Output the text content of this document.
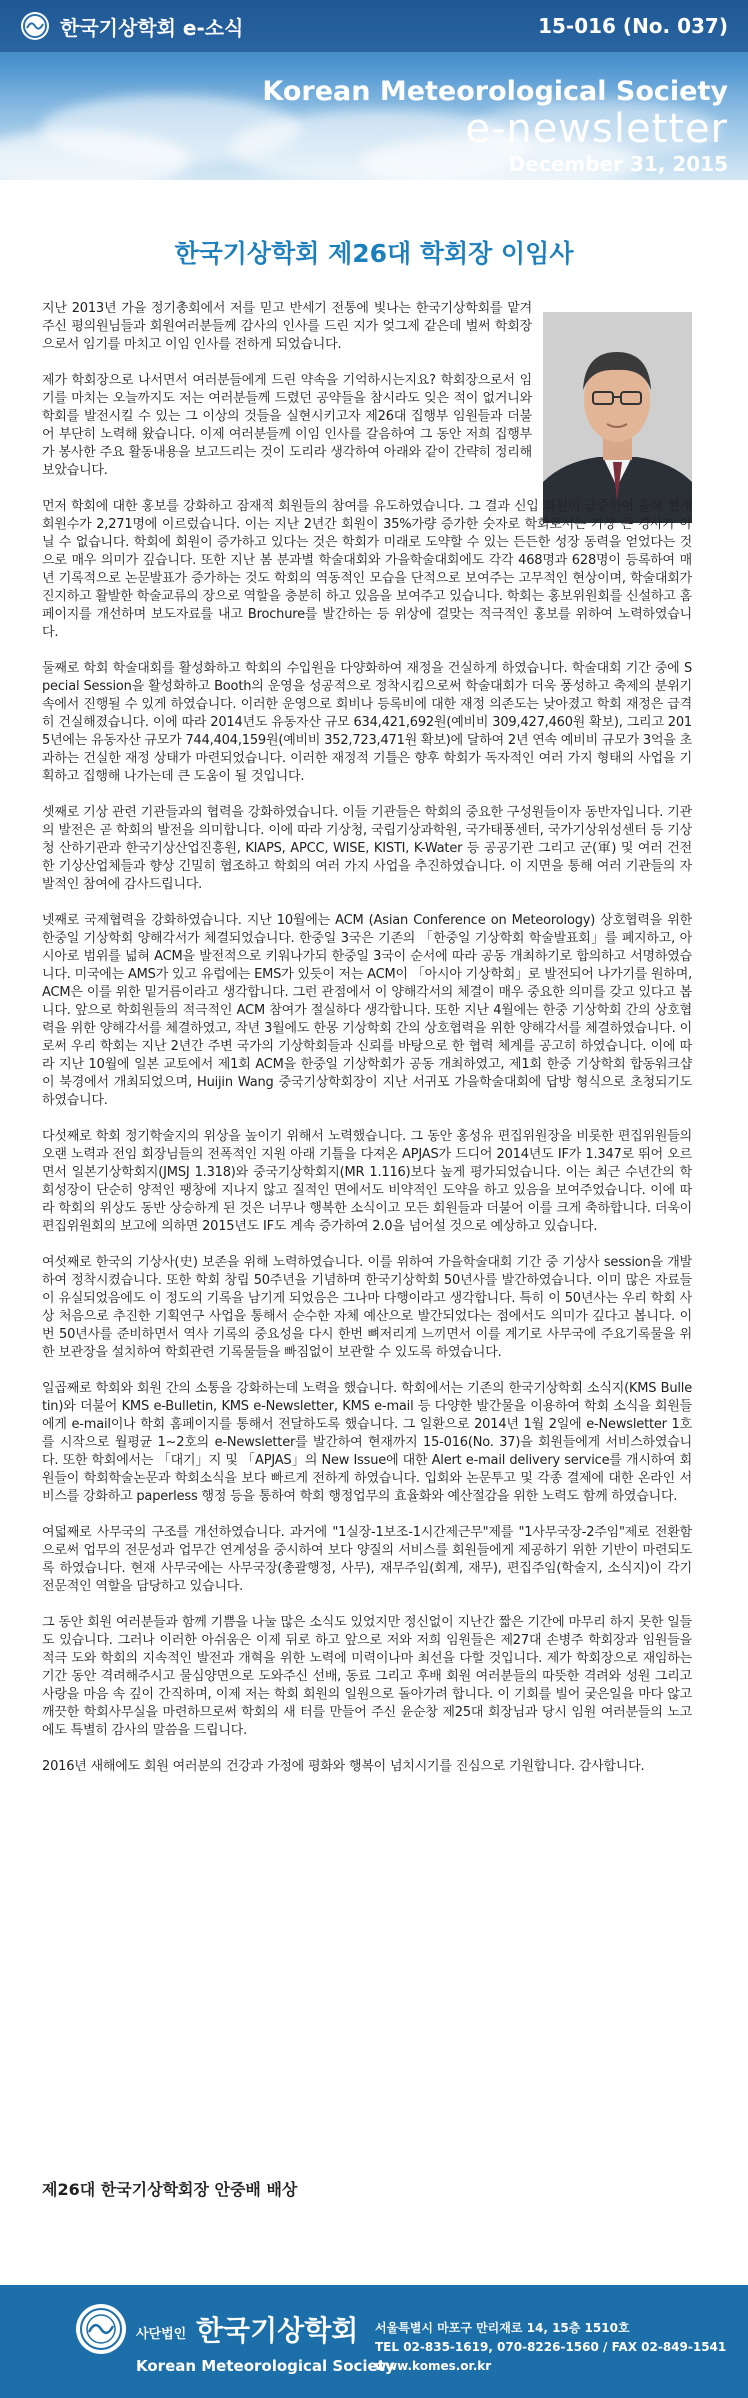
한국기상학회 e-소식	15-016 (No. 037)
Korean Meteorological Society
e-newsletter
December 31, 2015
한국기상학회 제26대 학회장 이임사

지난 2013년 가을 정기총회에서 저를 믿고 반세기 전통에 빛나는 한국기상학회를 맡겨주신 평의원님들과 회원여러분들께 감사의 인사를 드린 지가 엊그제 같은데 벌써 학회장으로서 임기를 마치고 이임 인사를 전하게 되었습니다.

제가 학회장으로 나서면서 여러분들에게 드린 약속을 기억하시는지요? 학회장으로서 임기를 마치는 오늘까지도 저는 여러분들께 드렸던 공약들을 참시라도 잊은 적이 없거니와 학회를 발전시킬 수 있는 그 이상의 것들을 실현시키고자 제26대 집행부 임원들과 더불어 부단히 노력해 왔습니다. 이제 여러분들께 이임 인사를 갈음하여 그 동안 저희 집행부가 봉사한 주요 활동내용을 보고드리는 것이 도리라 생각하여 아래와 같이 간략히 정리해 보았습니다.

먼저 학회에 대한 홍보를 강화하고 잠재적 회원들의 참여를 유도하였습니다. 그 결과 신입 회원이 급증하여 올해 현재 회원수가 2,271명에 이르렀습니다. 이는 지난 2년간 회원이 35%가량 증가한 숫자로 학회로서는 가장 큰 경사가 아닐 수 없습니다. 학회에 회원이 증가하고 있다는 것은 학회가 미래로 도약할 수 있는 든든한 성장 동력을 얻었다는 것으로 매우 의미가 깊습니다. 또한 지난 봄 분과별 학술대회와 가을학술대회에도 각각 468명과 628명이 등록하여 매년 기록적으로 논문발표가 증가하는 것도 학회의 역동적인 모습을 단적으로 보여주는 고무적인 현상이며, 학술대회가 진지하고 활발한 학술교류의 장으로 역할을 충분히 하고 있음을 보여주고 있습니다. 학회는 홍보위원회를 신설하고 홈페이지를 개선하며 보도자료를 내고 Brochure를 발간하는 등 위상에 걸맞는 적극적인 홍보를 위하여 노력하였습니다.

둘째로 학회 학술대회를 활성화하고 학회의 수입원을 다양화하여 재정을 건실하게 하였습니다. 학술대회 기간 중에 Special Session을 활성화하고 Booth의 운영을 성공적으로 정착시킴으로써 학술대회가 더욱 풍성하고 축제의 분위기 속에서 진행될 수 있게 하였습니다. 이러한 운영으로 회비나 등록비에 대한 재정 의존도는 낮아졌고 학회 재정은 급격히 건실해졌습니다. 이에 따라 2014년도 유동자산 규모 634,421,692원(예비비 309,427,460원 확보), 그리고 2015년에는 유동자산 규모가 744,404,159원(예비비 352,723,471원 확보)에 달하여 2년 연속 예비비 규모가 3억을 초과하는 건실한 재정 상태가 마련되었습니다. 이러한 재정적 기틀은 향후 학회가 독자적인 여러 가지 형태의 사업을 기획하고 집행해 나가는데 큰 도움이 될 것입니다.

셋째로 기상 관련 기관들과의 협력을 강화하였습니다. 이들 기관들은 학회의 중요한 구성원들이자 동반자입니다. 기관의 발전은 곧 학회의 발전을 의미합니다. 이에 따라 기상청, 국립기상과학원, 국가태풍센터, 국가기상위성센터 등 기상청 산하기관과 한국기상산업진흥원, KIAPS, APCC, WISE, KISTI, K-Water 등 공공기관 그리고 군(軍) 및 여러 건전한 기상산업체들과 향상 긴밀히 협조하고 학회의 여러 가지 사업을 추진하였습니다. 이 지면을 통해 여러 기관들의 자발적인 참여에 감사드립니다.

넷째로 국제협력을 강화하였습니다. 지난 10월에는 ACM (Asian Conference on Meteorology) 상호협력을 위한 한중일 기상학회 양해각서가 체결되었습니다. 한중일 3국은 기존의 「한중일 기상학회 학술발표회」를 폐지하고, 아시아로 범위를 넓혀 ACM을 발전적으로 키워나가되 한중일 3국이 순서에 따라 공동 개최하기로 합의하고 서명하였습니다. 미국에는 AMS가 있고 유럽에는 EMS가 있듯이 저는 ACM이 「아시아 기상학회」로 발전되어 나가기를 원하며, ACM은 이를 위한 밑거름이라고 생각합니다. 그런 관점에서 이 양해각서의 체결이 매우 중요한 의미를 갖고 있다고 봅니다. 앞으로 학회원들의 적극적인 ACM 참여가 절실하다 생각합니다. 또한 지난 4월에는 한중 기상학회 간의 상호협력을 위한 양해각서를 체결하였고, 작년 3월에도 한몽 기상학회 간의 상호협력을 위한 양해각서를 체결하였습니다. 이로써 우리 학회는 지난 2년간 주변 국가의 기상학회들과 신뢰를 바탕으로 한 협력 체계를 공고히 하였습니다. 이에 따라 지난 10월에 일본 교토에서 제1회 ACM을 한중일 기상학회가 공동 개최하였고, 제1회 한중 기상학회 합동워크샵이 북경에서 개최되었으며, Huijin Wang 중국기상학회장이 지난 서귀포 가을학술대회에 답방 형식으로 초청되기도 하였습니다.

다섯째로 학회 정기학술지의 위상을 높이기 위해서 노력했습니다. 그 동안 홍성유 편집위원장을 비롯한 편집위원들의 오랜 노력과 전임 회장님들의 전폭적인 지원 아래 기틀을 다져온 APJAS가 드디어 2014년도 IF가 1.347로 뛰어 오르면서 일본기상학회지(JMSJ 1.318)와 중국기상학회지(MR 1.116)보다 높게 평가되었습니다. 이는 최근 수년간의 학회성장이 단순히 양적인 팽창에 지나지 않고 질적인 면에서도 비약적인 도약을 하고 있음을 보여주었습니다. 이에 따라 학회의 위상도 동반 상승하게 된 것은 너무나 행복한 소식이고 모든 회원들과 더불어 이를 크게 축하합니다. 더욱이 편집위원회의 보고에 의하면 2015년도 IF도 계속 증가하여 2.0을 넘어설 것으로 예상하고 있습니다.

여섯째로 한국의 기상사(史) 보존을 위해 노력하였습니다. 이를 위하여 가을학술대회 기간 중 기상사 session을 개발하여 정착시켰습니다. 또한 학회 창립 50주년을 기념하며 한국기상학회 50년사를 발간하였습니다. 이미 많은 자료들이 유실되었음에도 이 정도의 기록을 남기게 되었음은 그나마 다행이라고 생각합니다. 특히 이 50년사는 우리 학회 사상 처음으로 추진한 기획연구 사업을 통해서 순수한 자체 예산으로 발간되었다는 점에서도 의미가 깊다고 봅니다. 이번 50년사를 준비하면서 역사 기록의 중요성을 다시 한번 뼈저리게 느끼면서 이를 계기로 사무국에 주요기록물을 위한 보관장을 설치하여 학회관련 기록물들을 빠짐없이 보관할 수 있도록 하였습니다.

일곱째로 학회와 회원 간의 소통을 강화하는데 노력을 했습니다. 학회에서는 기존의 한국기상학회 소식지(KMS Bulletin)와 더불어 KMS e-Bulletin, KMS e-Newsletter, KMS e-mail 등 다양한 발간물을 이용하여 학회 소식을 회원들에게 e-mail이나 학회 홈페이지를 통해서 전달하도록 했습니다. 그 일환으로 2014년 1월 2일에 e-Newsletter 1호를 시작으로 월평균 1~2호의 e-Newsletter를 발간하여 현재까지 15-016(No. 37)을 회원들에게 서비스하였습니다. 또한 학회에서는 「대기」지 및 「APJAS」의 New Issue에 대한 Alert e-mail delivery service를 개시하여 회원들이 학회학술논문과 학회소식을 보다 빠르게 전하게 하였습니다. 입회와 논문투고 및 각종 결제에 대한 온라인 서비스를 강화하고 paperless 행정 등을 통하여 학회 행정업무의 효율화와 예산절감을 위한 노력도 함께 하였습니다.

여덟째로 사무국의 구조를 개선하였습니다. 과거에 "1실장-1보조-1시간제근무"제를 "1사무국장-2주임"제로 전환함으로써 업무의 전문성과 업무간 연계성을 중시하여 보다 양질의 서비스를 회원들에게 제공하기 위한 기반이 마련되도록 하였습니다. 현재 사무국에는 사무국장(총괄행정, 사무), 재무주임(회계, 재무), 편집주임(학술지, 소식지)이 각기 전문적인 역할을 담당하고 있습니다.

그 동안 회원 여러분들과 함께 기쁨을 나눌 많은 소식도 있었지만 정신없이 지난간 짧은 기간에 마무리 하지 못한 일들도 있습니다. 그러나 이러한 아쉬움은 이제 뒤로 하고 앞으로 저와 저희 임원들은 제27대 손병주 학회장과 임원들을 적극 도와 학회의 지속적인 발전과 개혁을 위한 노력에 미력이나마 최선을 다할 것입니다. 제가 학회장으로 재임하는 기간 동안 격려해주시고 물심양면으로 도와주신 선배, 동료 그리고 후배 회원 여러분들의 따뜻한 격려와 성원 그리고 사랑을 마음 속 깊이 간직하며, 이제 저는 학회 회원의 일원으로 돌아가려 합니다. 이 기회를 빌어 궂은일을 마다 않고 깨끗한 학회사무실을 마련하므로써 학회의 새 터를 만들어 주신 윤순창 제25대 회장님과 당시 임원 여러분들의 노고에도 특별히 감사의 말씀을 드립니다.

2016년 새해에도 회원 여러분의 건강과 가정에 평화와 행복이 넘치시기를 진심으로 기원합니다. 감사합니다.

제26대 한국기상학회장 안중배 배상
사단법인 한국기상학회
Korean Meteorological Society
서울특별시 마포구 만리재로 14, 15층 1510호
TEL 02-835-1619, 070-8226-1560 / FAX 02-849-1541
www.komes.or.kr
